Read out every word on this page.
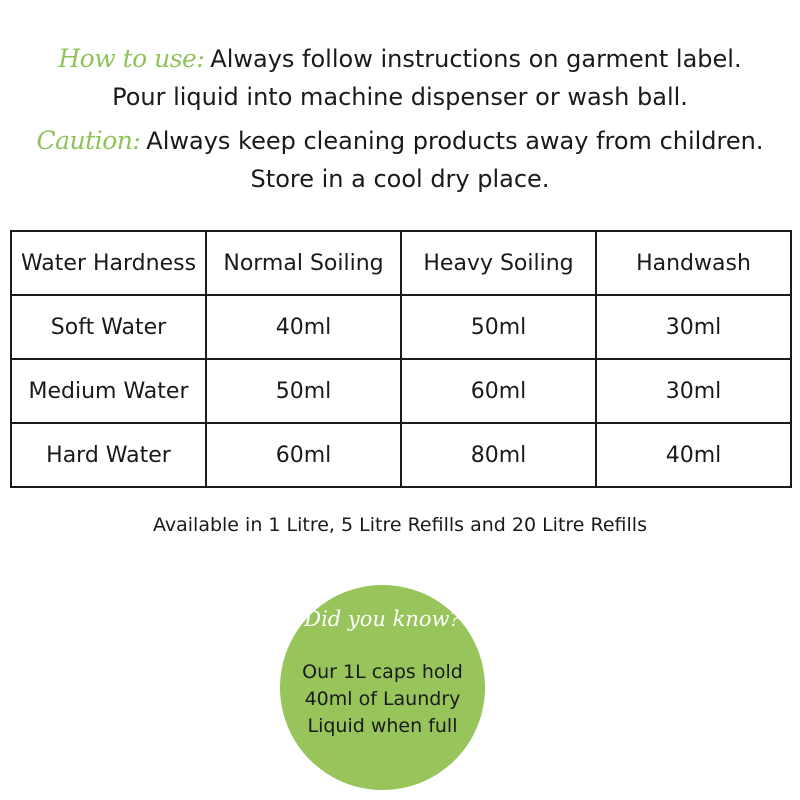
How to use: Always follow instructions on garment label.
Pour liquid into machine dispenser or wash ball.
Caution: Always keep cleaning products away from children.
Store in a cool dry place.
Water Hardness	Normal Soiling	Heavy Soiling	Handwash
Soft Water	40ml	50ml	30ml
Medium Water	50ml	60ml	30ml
Hard Water	60ml	80ml	40ml
Available in 1 Litre, 5 Litre Refills and 20 Litre Refills
Did you know?
Our 1L caps hold
40ml of Laundry
Liquid when full
